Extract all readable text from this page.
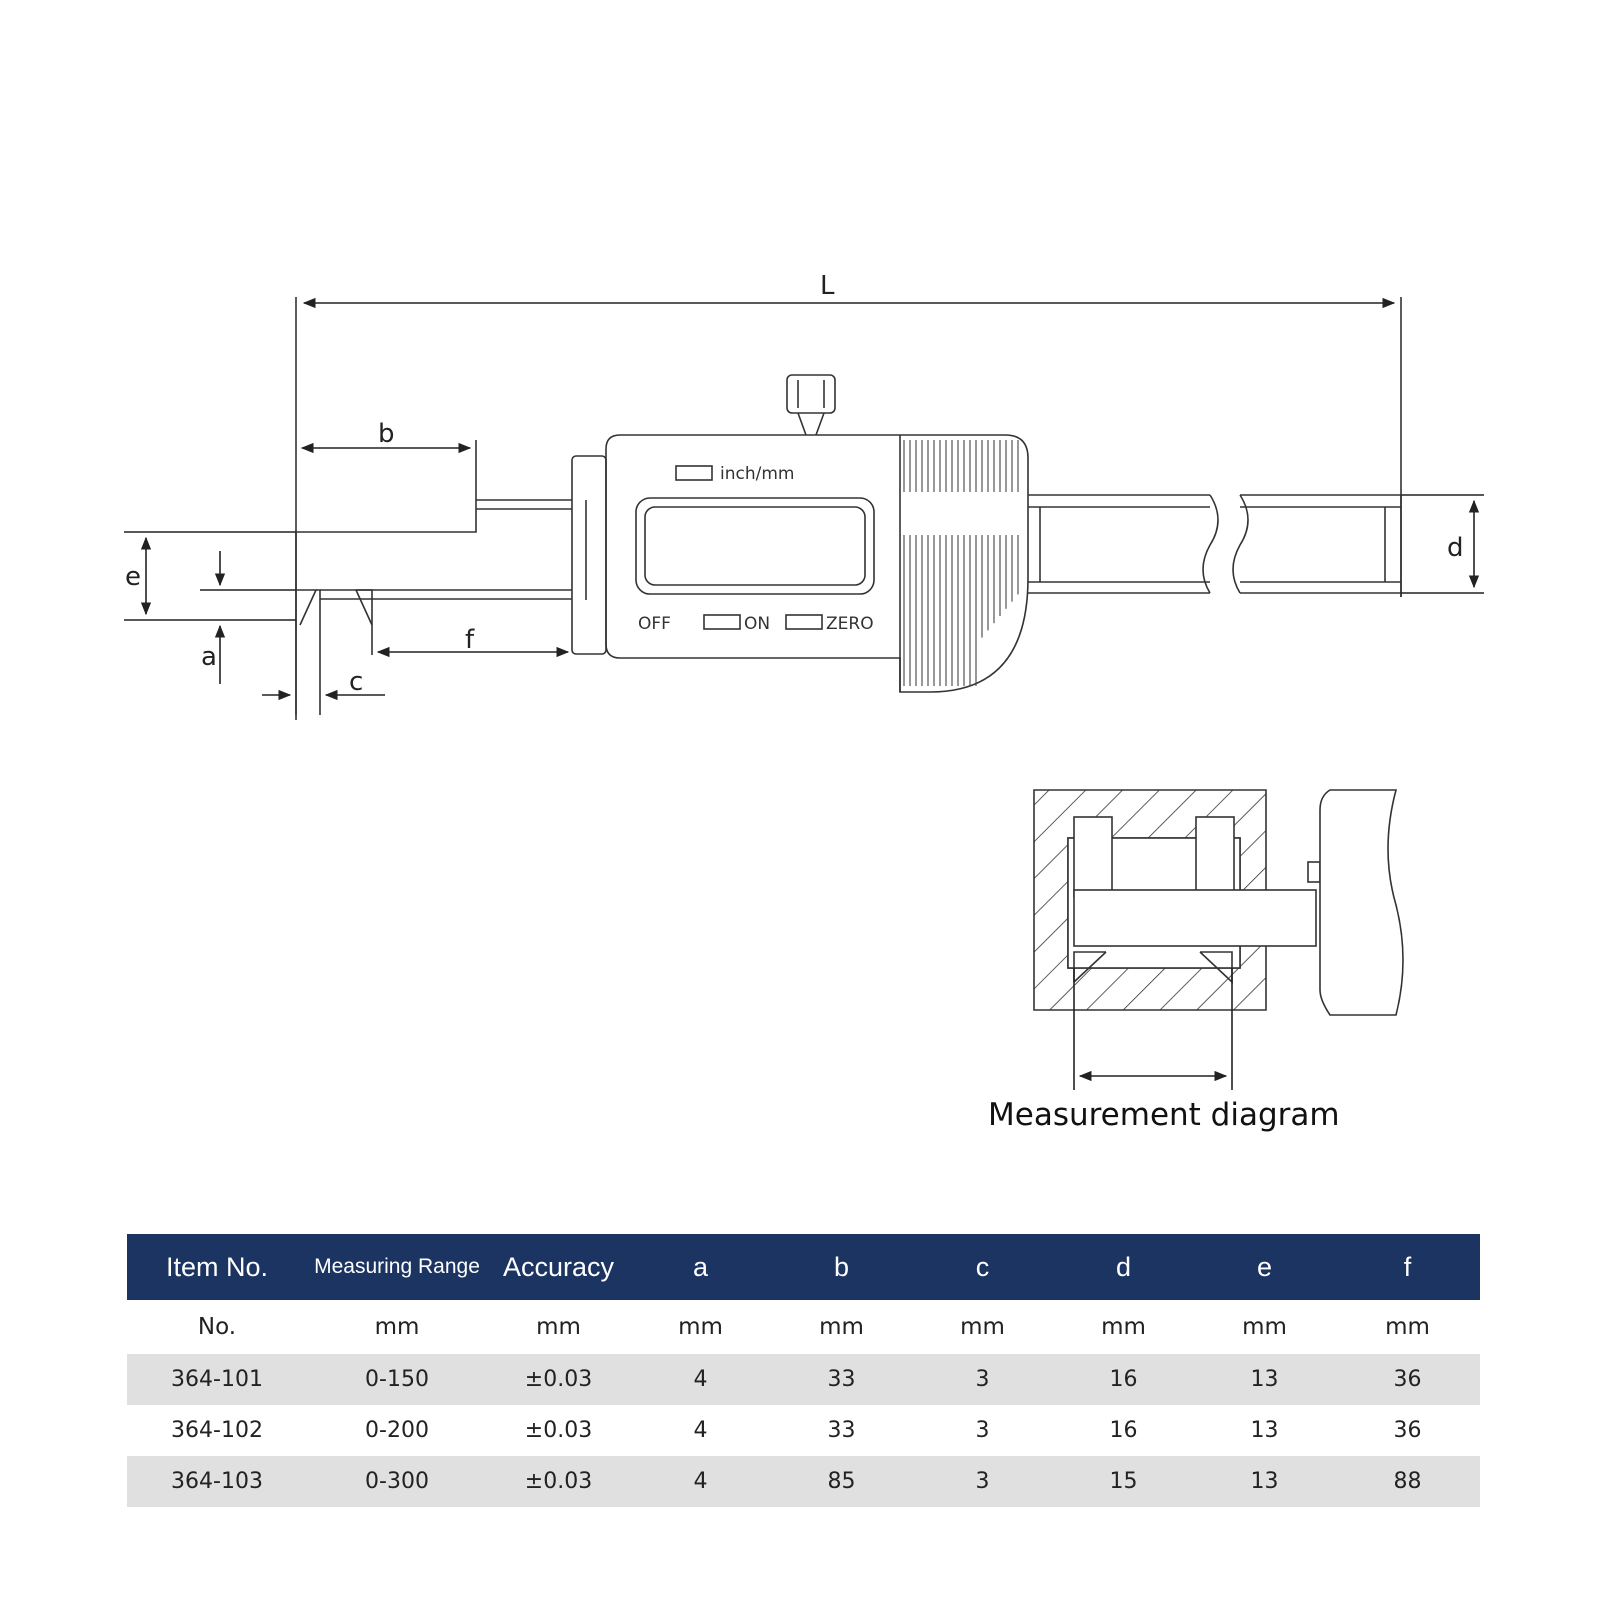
inch/mm
OFF	ON	ZERO
L
b
d
e
a
c
f
Measurement diagram
Item No.	Measuring Range	Accuracy	a	b	c	d	e	f
No.	mm	mm	mm	mm	mm	mm	mm	mm
364-101	0-150	±0.03	4	33	3	16	13	36
364-102	0-200	±0.03	4	33	3	16	13	36
364-103	0-300	±0.03	4	85	3	15	13	88
